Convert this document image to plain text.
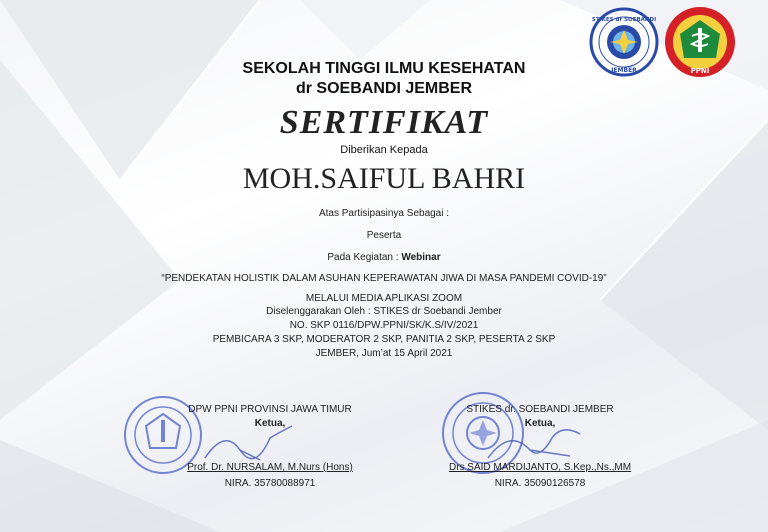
STIKES dr SOEBANDI
JEMBER	PPNI
SEKOLAH TINGGI ILMU KESEHATAN
dr SOEBANDI JEMBER
SERTIFIKAT
Diberikan Kepada
MOH.SAIFUL BAHRI
Atas Partisipasinya Sebagai :
Peserta
Pada Kegiatan : Webinar
“PENDEKATAN HOLISTIK DALAM ASUHAN KEPERAWATAN JIWA DI MASA PANDEMI COVID-19”
MELALUI MEDIA APLIKASI ZOOM
Diselenggarakan Oleh : STIKES dr Soebandi Jember
NO. SKP 0116/DPW.PPNI/SK/K.S/IV/2021
PEMBICARA 3 SKP, MODERATOR 2 SKP, PANITIA 2 SKP, PESERTA 2 SKP
JEMBER, Jum’at 15 April 2021
DPW PPNI PROVINSI JAWA TIMUR
Ketua,
Prof. Dr. NURSALAM, M.Nurs (Hons)
NIRA. 35780088971
STIKES dr. SOEBANDI JEMBER
Ketua,
Drs SAID MARDIJANTO, S.Kep.,Ns.,MM
NIRA. 35090126578
